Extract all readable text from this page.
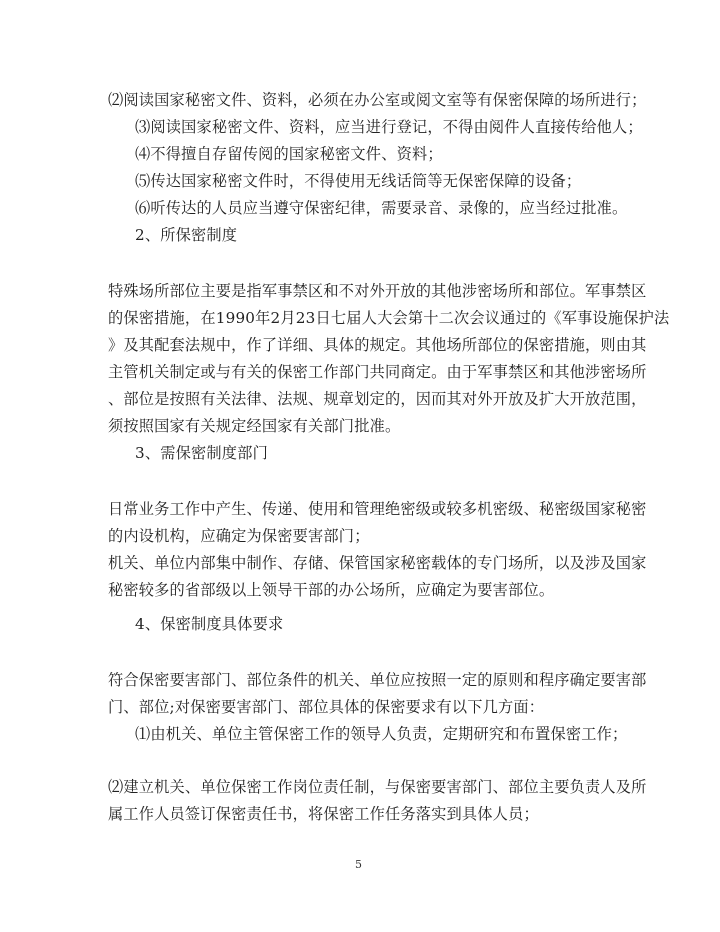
⑵阅读国家秘密文件、资料，必须在办公室或阅文室等有保密保障的场所进行；
⑶阅读国家秘密文件、资料，应当进行登记，不得由阅件人直接传给他人；
⑷不得擅自存留传阅的国家秘密文件、资料；
⑸传达国家秘密文件时，不得使用无线话筒等无保密保障的设备；
⑹听传达的人员应当遵守保密纪律，需要录音、录像的，应当经过批准。
2、所保密制度
特殊场所部位主要是指军事禁区和不对外开放的其他涉密场所和部位。军事禁区
的保密措施，在1990年2月23日七届人大会第十二次会议通过的《军事设施保护法
》及其配套法规中，作了详细、具体的规定。其他场所部位的保密措施，则由其
主管机关制定或与有关的保密工作部门共同商定。由于军事禁区和其他涉密场所
、部位是按照有关法律、法规、规章划定的，因而其对外开放及扩大开放范围，
须按照国家有关规定经国家有关部门批准。
3、需保密制度部门
日常业务工作中产生、传递、使用和管理绝密级或较多机密级、秘密级国家秘密
的内设机构，应确定为保密要害部门；
机关、单位内部集中制作、存储、保管国家秘密载体的专门场所，以及涉及国家
秘密较多的省部级以上领导干部的办公场所，应确定为要害部位。
4、保密制度具体要求
符合保密要害部门、部位条件的机关、单位应按照一定的原则和程序确定要害部
门、部位;对保密要害部门、部位具体的保密要求有以下几方面：
⑴由机关、单位主管保密工作的领导人负责，定期研究和布置保密工作；
⑵建立机关、单位保密工作岗位责任制，与保密要害部门、部位主要负责人及所
属工作人员签订保密责任书，将保密工作任务落实到具体人员；
5
